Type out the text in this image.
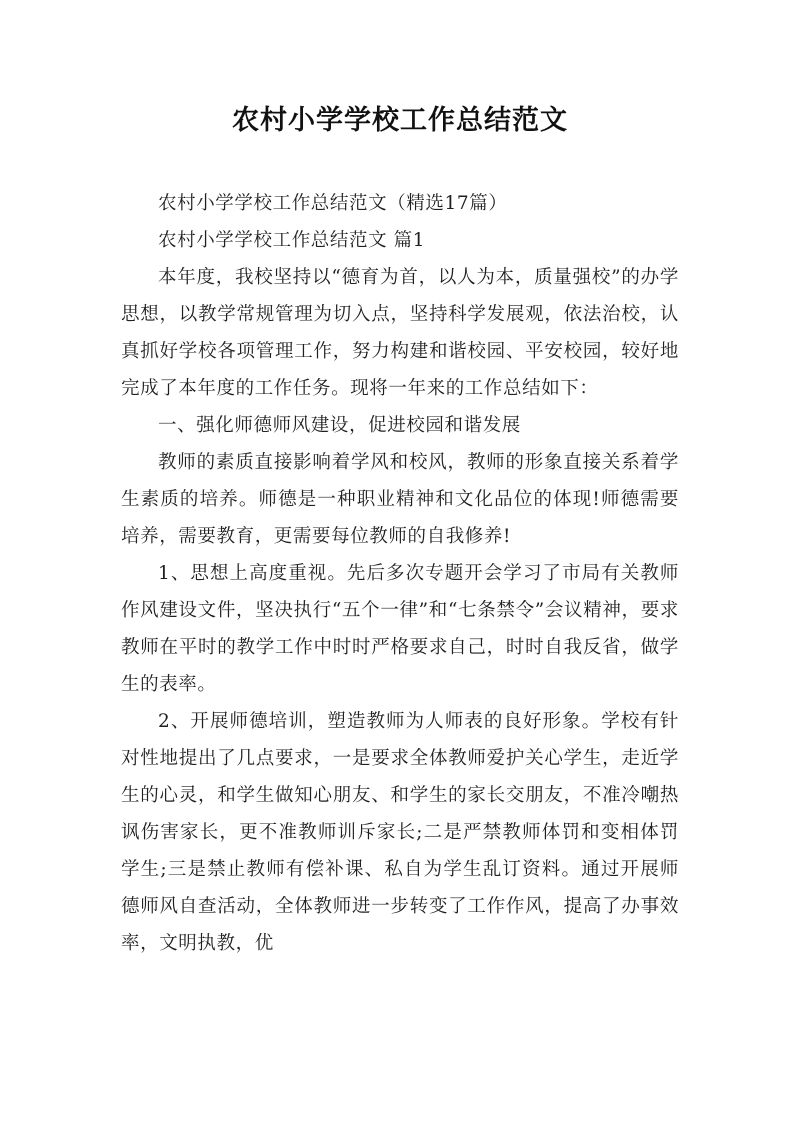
农村小学学校工作总结范文

农村小学学校工作总结范文（精选17篇）

农村小学学校工作总结范文 篇1

本年度，我校坚持以“德育为首，以人为本，质量强校”的办学思想，以教学常规管理为切入点，坚持科学发展观，依法治校，认真抓好学校各项管理工作，努力构建和谐校园、平安校园，较好地完成了本年度的工作任务。现将一年来的工作总结如下：

一、强化师德师风建设，促进校园和谐发展

教师的素质直接影响着学风和校风，教师的形象直接关系着学生素质的培养。师德是一种职业精神和文化品位的体现!师德需要培养，需要教育，更需要每位教师的自我修养!

1、思想上高度重视。先后多次专题开会学习了市局有关教师作风建设文件，坚决执行“五个一律”和“七条禁令”会议精神，要求教师在平时的教学工作中时时严格要求自己，时时自我反省，做学生的表率。

2、开展师德培训，塑造教师为人师表的良好形象。学校有针对性地提出了几点要求，一是要求全体教师爱护关心学生，走近学生的心灵，和学生做知心朋友、和学生的家长交朋友，不准冷嘲热讽伤害家长，更不准教师训斥家长;二是严禁教师体罚和变相体罚学生;三是禁止教师有偿补课、私自为学生乱订资料。通过开展师德师风自查活动，全体教师进一步转变了工作作风，提高了办事效率，文明执教，优
